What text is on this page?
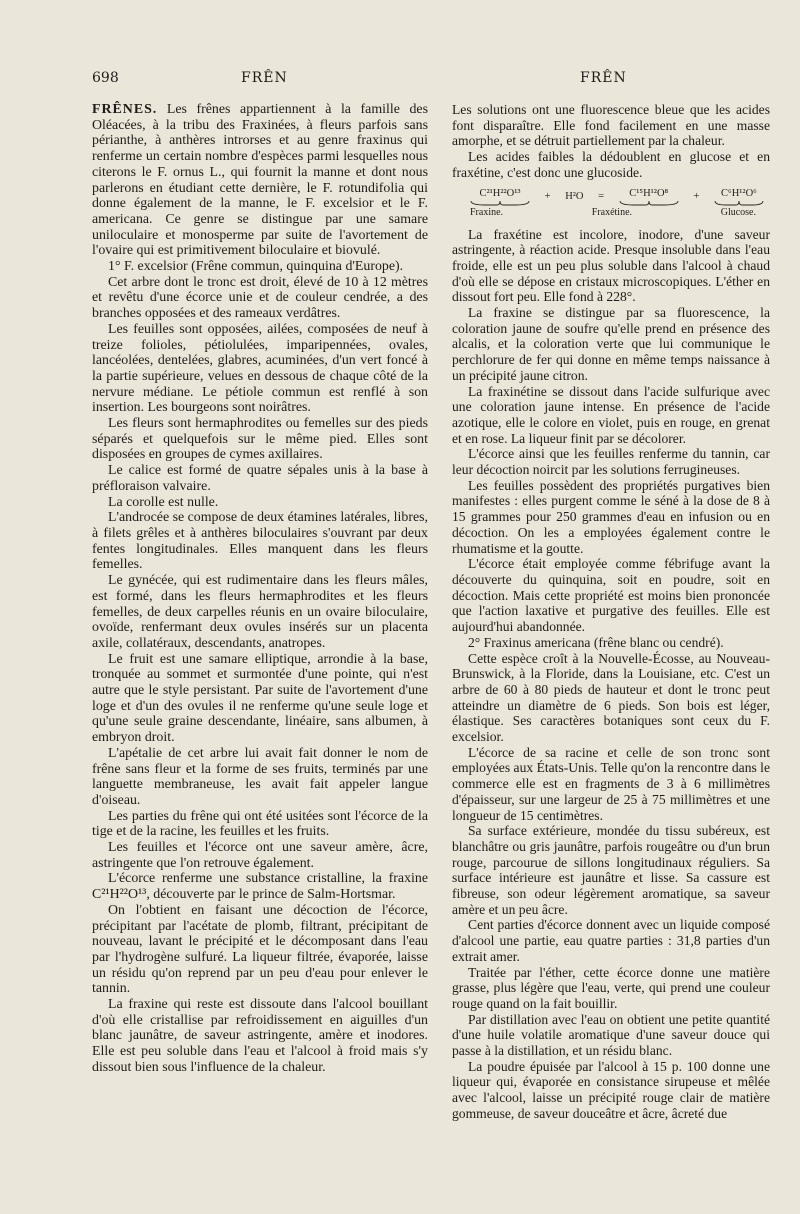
698	FRÊN	FRÊN

FRÊNES. Les frênes appartiennent à la famille des Oléacées, à la tribu des Fraxinées, à fleurs parfois sans périanthe, à anthères introrses et au genre fraxinus qui renferme un certain nombre d'espèces parmi lesquelles nous citerons le F. ornus L., qui fournit la manne et dont nous parlerons en étudiant cette dernière, le F. rotundifolia qui donne également de la manne, le F. excelsior et le F. americana. Ce genre se distingue par une samare uniloculaire et monosperme par suite de l'avortement de l'ovaire qui est primitivement biloculaire et biovulé.

1° F. excelsior (Frêne commun, quinquina d'Europe).

Cet arbre dont le tronc est droit, élevé de 10 à 12 mètres et revêtu d'une écorce unie et de couleur cendrée, a des branches opposées et des rameaux verdâtres.

Les feuilles sont opposées, ailées, composées de neuf à treize folioles, pétiolulées, imparipennées, ovales, lancéolées, dentelées, glabres, acuminées, d'un vert foncé à la partie supérieure, velues en dessous de chaque côté de la nervure médiane. Le pétiole commun est renflé à son insertion. Les bourgeons sont noirâtres.

Les fleurs sont hermaphrodites ou femelles sur des pieds séparés et quelquefois sur le même pied. Elles sont disposées en groupes de cymes axillaires.

Le calice est formé de quatre sépales unis à la base à préfloraison valvaire.

La corolle est nulle.

L'androcée se compose de deux étamines latérales, libres, à filets grêles et à anthères biloculaires s'ouvrant par deux fentes longitudinales. Elles manquent dans les fleurs femelles.

Le gynécée, qui est rudimentaire dans les fleurs mâles, est formé, dans les fleurs hermaphrodites et les fleurs femelles, de deux carpelles réunis en un ovaire biloculaire, ovoïde, renfermant deux ovules insérés sur un placenta axile, collatéraux, descendants, anatropes.

Le fruit est une samare elliptique, arrondie à la base, tronquée au sommet et surmontée d'une pointe, qui n'est autre que le style persistant. Par suite de l'avortement d'une loge et d'un des ovules il ne renferme qu'une seule loge et qu'une seule graine descendante, linéaire, sans albumen, à embryon droit.

L'apétalie de cet arbre lui avait fait donner le nom de frêne sans fleur et la forme de ses fruits, terminés par une languette membraneuse, les avait fait appeler langue d'oiseau.

Les parties du frêne qui ont été usitées sont l'écorce de la tige et de la racine, les feuilles et les fruits.

Les feuilles et l'écorce ont une saveur amère, âcre, astringente que l'on retrouve également.

L'écorce renferme une substance cristalline, la fraxine C²¹H²²O¹³, découverte par le prince de Salm-Hortsmar.

On l'obtient en faisant une décoction de l'écorce, précipitant par l'acétate de plomb, filtrant, précipitant de nouveau, lavant le précipité et le décomposant dans l'eau par l'hydrogène sulfuré. La liqueur filtrée, évaporée, laisse un résidu qu'on reprend par un peu d'eau pour enlever le tannin.

La fraxine qui reste est dissoute dans l'alcool bouillant d'où elle cristallise par refroidissement en aiguilles d'un blanc jaunâtre, de saveur astringente, amère et inodores. Elle est peu soluble dans l'eau et l'alcool à froid mais s'y dissout bien sous l'influence de la chaleur.

Les solutions ont une fluorescence bleue que les acides font disparaître. Elle fond facilement en une masse amorphe, et se détruit partiellement par la chaleur.

Les acides faibles la dédoublent en glucose et en fraxétine, c'est donc une glucoside.

C²¹H²²O¹³ + H²O = C¹⁵H¹²O⁸ + C⁶H¹²O⁶
Fraxine.	Fraxétine.	Glucose.

La fraxétine est incolore, inodore, d'une saveur astringente, à réaction acide. Presque insoluble dans l'eau froide, elle est un peu plus soluble dans l'alcool à chaud d'où elle se dépose en cristaux microscopiques. L'éther en dissout fort peu. Elle fond à 228°.

La fraxine se distingue par sa fluorescence, la coloration jaune de soufre qu'elle prend en présence des alcalis, et la coloration verte que lui communique le perchlorure de fer qui donne en même temps naissance à un précipité jaune citron.

La fraxinétine se dissout dans l'acide sulfurique avec une coloration jaune intense. En présence de l'acide azotique, elle le colore en violet, puis en rouge, en grenat et en rose. La liqueur finit par se décolorer.

L'écorce ainsi que les feuilles renferme du tannin, car leur décoction noircit par les solutions ferrugineuses.

Les feuilles possèdent des propriétés purgatives bien manifestes : elles purgent comme le séné à la dose de 8 à 15 grammes pour 250 grammes d'eau en infusion ou en décoction. On les a employées également contre le rhumatisme et la goutte.

L'écorce était employée comme fébrifuge avant la découverte du quinquina, soit en poudre, soit en décoction. Mais cette propriété est moins bien prononcée que l'action laxative et purgative des feuilles. Elle est aujourd'hui abandonnée.

2° Fraxinus americana (frêne blanc ou cendré).

Cette espèce croît à la Nouvelle-Écosse, au Nouveau-Brunswick, à la Floride, dans la Louisiane, etc. C'est un arbre de 60 à 80 pieds de hauteur et dont le tronc peut atteindre un diamètre de 6 pieds. Son bois est léger, élastique. Ses caractères botaniques sont ceux du F. excelsior.

L'écorce de sa racine et celle de son tronc sont employées aux États-Unis. Telle qu'on la rencontre dans le commerce elle est en fragments de 3 à 6 millimètres d'épaisseur, sur une largeur de 25 à 75 millimètres et une longueur de 15 centimètres.

Sa surface extérieure, mondée du tissu subéreux, est blanchâtre ou gris jaunâtre, parfois rougeâtre ou d'un brun rouge, parcourue de sillons longitudinaux réguliers. Sa surface intérieure est jaunâtre et lisse. Sa cassure est fibreuse, son odeur légèrement aromatique, sa saveur amère et un peu âcre.

Cent parties d'écorce donnent avec un liquide composé d'alcool une partie, eau quatre parties : 31,8 parties d'un extrait amer.

Traitée par l'éther, cette écorce donne une matière grasse, plus légère que l'eau, verte, qui prend une couleur rouge quand on la fait bouillir.

Par distillation avec l'eau on obtient une petite quantité d'une huile volatile aromatique d'une saveur douce qui passe à la distillation, et un résidu blanc.

La poudre épuisée par l'alcool à 15 p. 100 donne une liqueur qui, évaporée en consistance sirupeuse et mêlée avec l'alcool, laisse un précipité rouge clair de matière gommeuse, de saveur douceâtre et âcre, âcreté due
